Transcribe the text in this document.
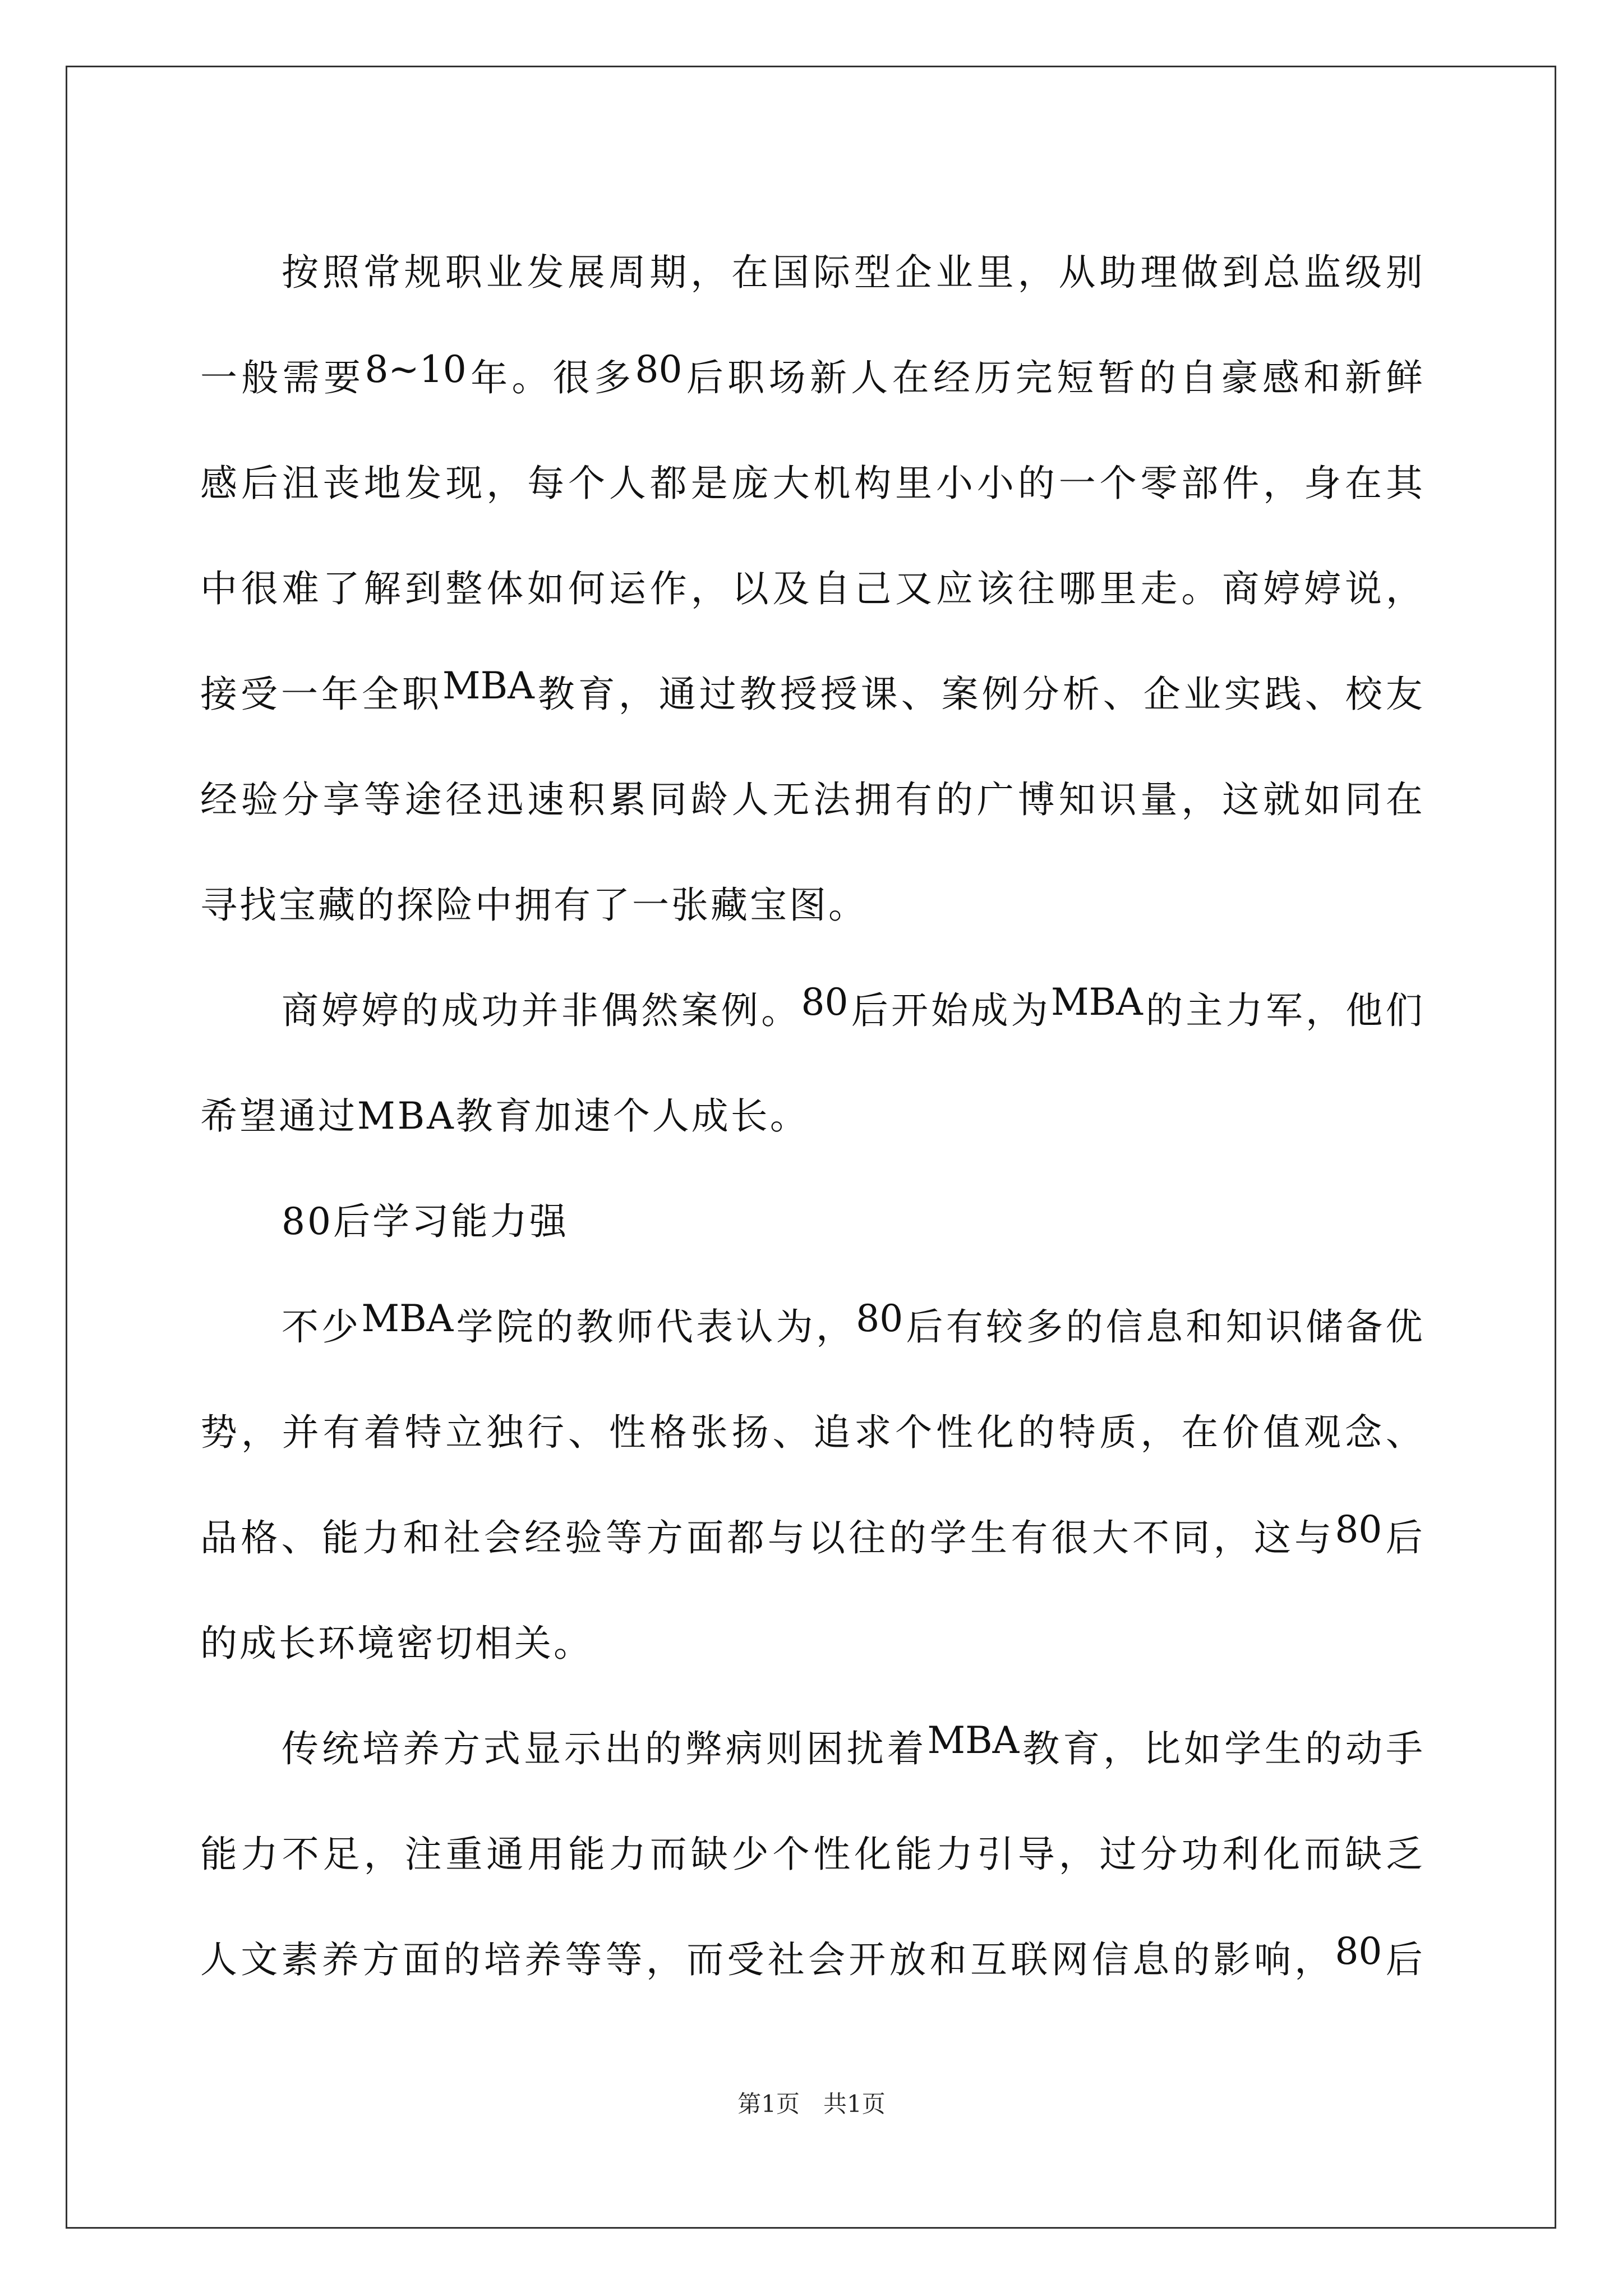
按 照 常 规 职 业 发 展 周 期 ， 在 国 际 型 企 业 里 ， 从 助 理 做 到 总 监 级 别
一 般 需 要 8~10 年 。 很 多 80 后 职 场 新 人 在 经 历 完 短 暂 的 自 豪 感 和 新 鲜
感 后 沮 丧 地 发 现 ， 每 个 人 都 是 庞 大 机 构 里 小 小 的 一 个 零 部 件 ， 身 在 其
中 很 难 了 解 到 整 体 如 何 运 作 ， 以 及 自 己 又 应 该 往 哪 里 走 。 商 婷 婷 说 ，
接 受 一 年 全 职 MBA 教 育 ， 通 过 教 授 授 课 、 案 例 分 析 、 企 业 实 践 、 校 友
经 验 分 享 等 途 径 迅 速 积 累 同 龄 人 无 法 拥 有 的 广 博 知 识 量 ， 这 就 如 同 在
寻找宝藏的探险中拥有了一张藏宝图。
商 婷 婷 的 成 功 并 非 偶 然 案 例 。 80 后 开 始 成 为 MBA 的 主 力 军 ， 他 们
希望通过MBA教育加速个人成长。
80后学习能力强
不 少 MBA 学 院 的 教 师 代 表 认 为 ， 80 后 有 较 多 的 信 息 和 知 识 储 备 优
势 ， 并 有 着 特 立 独 行 、 性 格 张 扬 、 追 求 个 性 化 的 特 质 ， 在 价 值 观 念 、
品 格 、 能 力 和 社 会 经 验 等 方 面 都 与 以 往 的 学 生 有 很 大 不 同 ， 这 与 80 后
的成长环境密切相关。
传 统 培 养 方 式 显 示 出 的 弊 病 则 困 扰 着 MBA 教 育 ， 比 如 学 生 的 动 手
能 力 不 足 ， 注 重 通 用 能 力 而 缺 少 个 性 化 能 力 引 导 ， 过 分 功 利 化 而 缺 乏
人 文 素 养 方 面 的 培 养 等 等 ， 而 受 社 会 开 放 和 互 联 网 信 息 的 影 响 ， 80 后
第1页　共1页
